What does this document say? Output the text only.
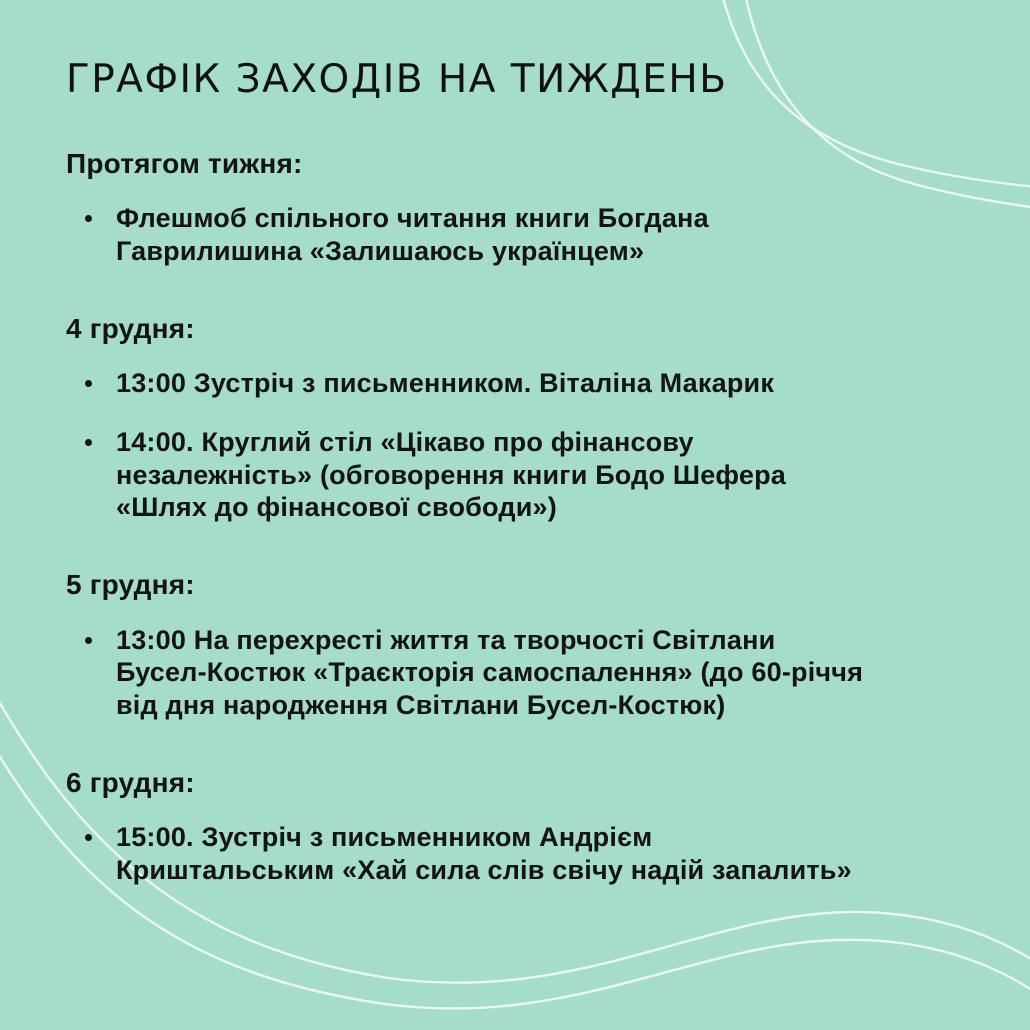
ГРАФІК ЗАХОДІВ НА ТИЖДЕНЬ
Протягом тижня:
Флешмоб спільного читання книги Богдана Гаврилишина «Залишаюсь українцем»
4 грудня:
13:00 Зустріч з письменником. Віталіна Макарик
14:00. Круглий стіл «Цікаво про фінансову незалежність» (обговорення книги Бодо Шефера «Шлях до фінансової свободи»)
5 грудня:
13:00 На перехресті життя та творчості Світлани Бусел-Костюк «Траєкторія самоспалення» (до 60-річчя від дня народження Світлани Бусел-Костюк)
6 грудня:
15:00. Зустріч з письменником Андрієм Криштальським «Хай сила слів свічу надій запалить»
